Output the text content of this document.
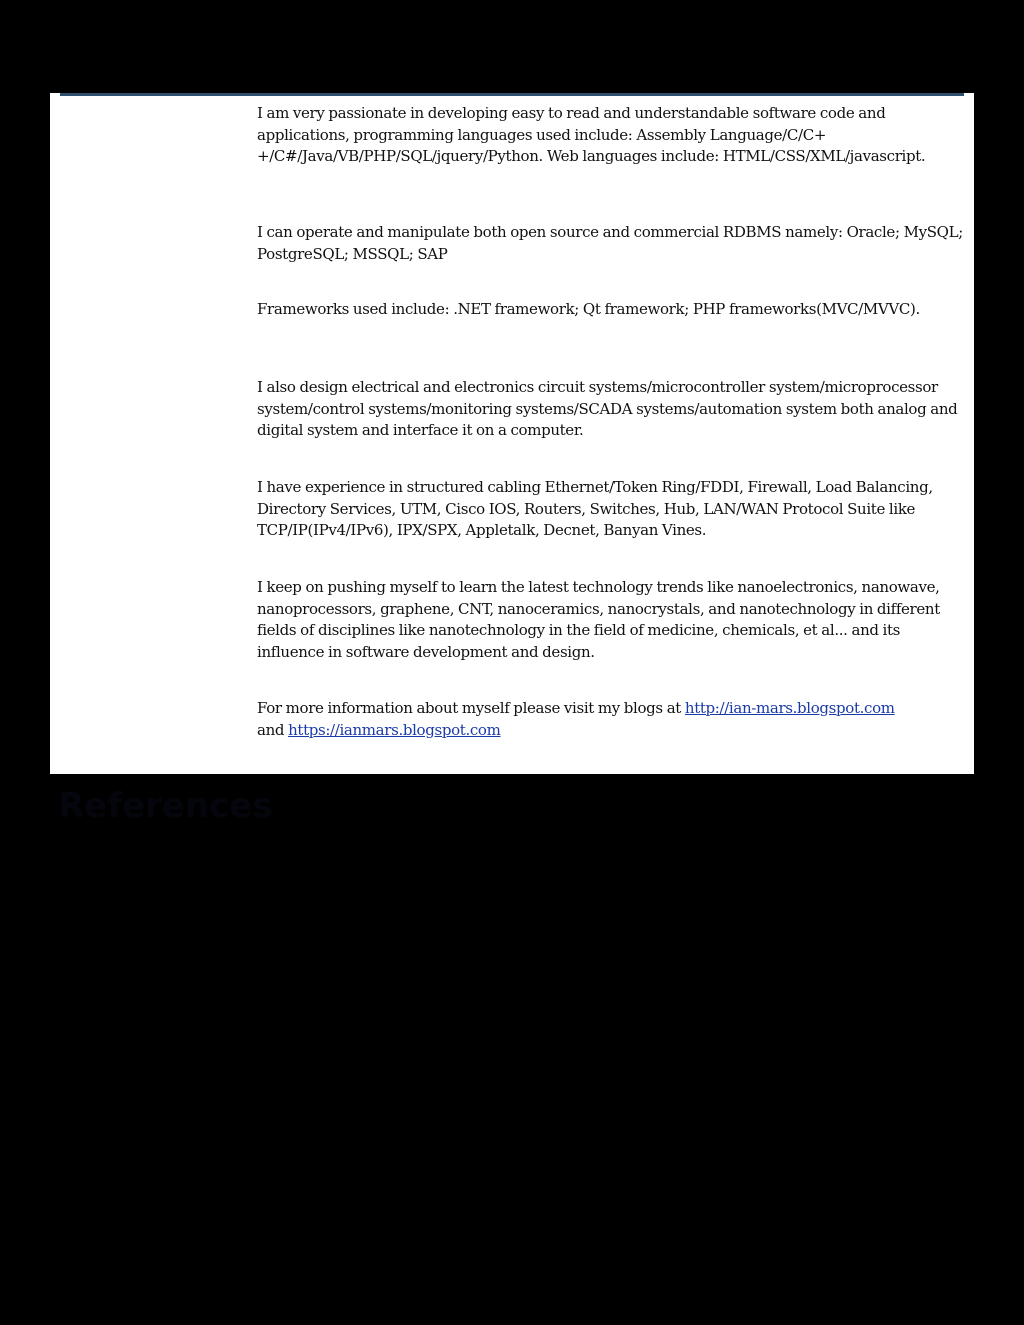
I am very passionate in developing easy to read and understandable software code and applications, programming languages used include: Assembly Language/C/C+ +/C#/Java/VB/PHP/SQL/jquery/Python. Web languages include: HTML/CSS/XML/javascript.

I can operate and manipulate both open source and commercial RDBMS namely: Oracle; MySQL; PostgreSQL; MSSQL; SAP

Frameworks used include: .NET framework; Qt framework; PHP frameworks(MVC/MVVC).

I also design electrical and electronics circuit systems/microcontroller system/microprocessor system/control systems/monitoring systems/SCADA systems/automation system both analog and digital system and interface it on a computer.

I have experience in structured cabling Ethernet/Token Ring/FDDI, Firewall, Load Balancing, Directory Services, UTM, Cisco IOS, Routers, Switches, Hub, LAN/WAN Protocol Suite like TCP/IP(IPv4/IPv6), IPX/SPX, Appletalk, Decnet, Banyan Vines.

I keep on pushing myself to learn the latest technology trends like nanoelectronics, nanowave, nanoprocessors, graphene, CNT, nanoceramics, nanocrystals, and nanotechnology in different fields of disciplines like nanotechnology in the field of medicine, chemicals, et al... and its influence in software development and design.

For more information about myself please visit my blogs at http://ian-mars.blogspot.com
and https://ianmars.blogspot.com

References
